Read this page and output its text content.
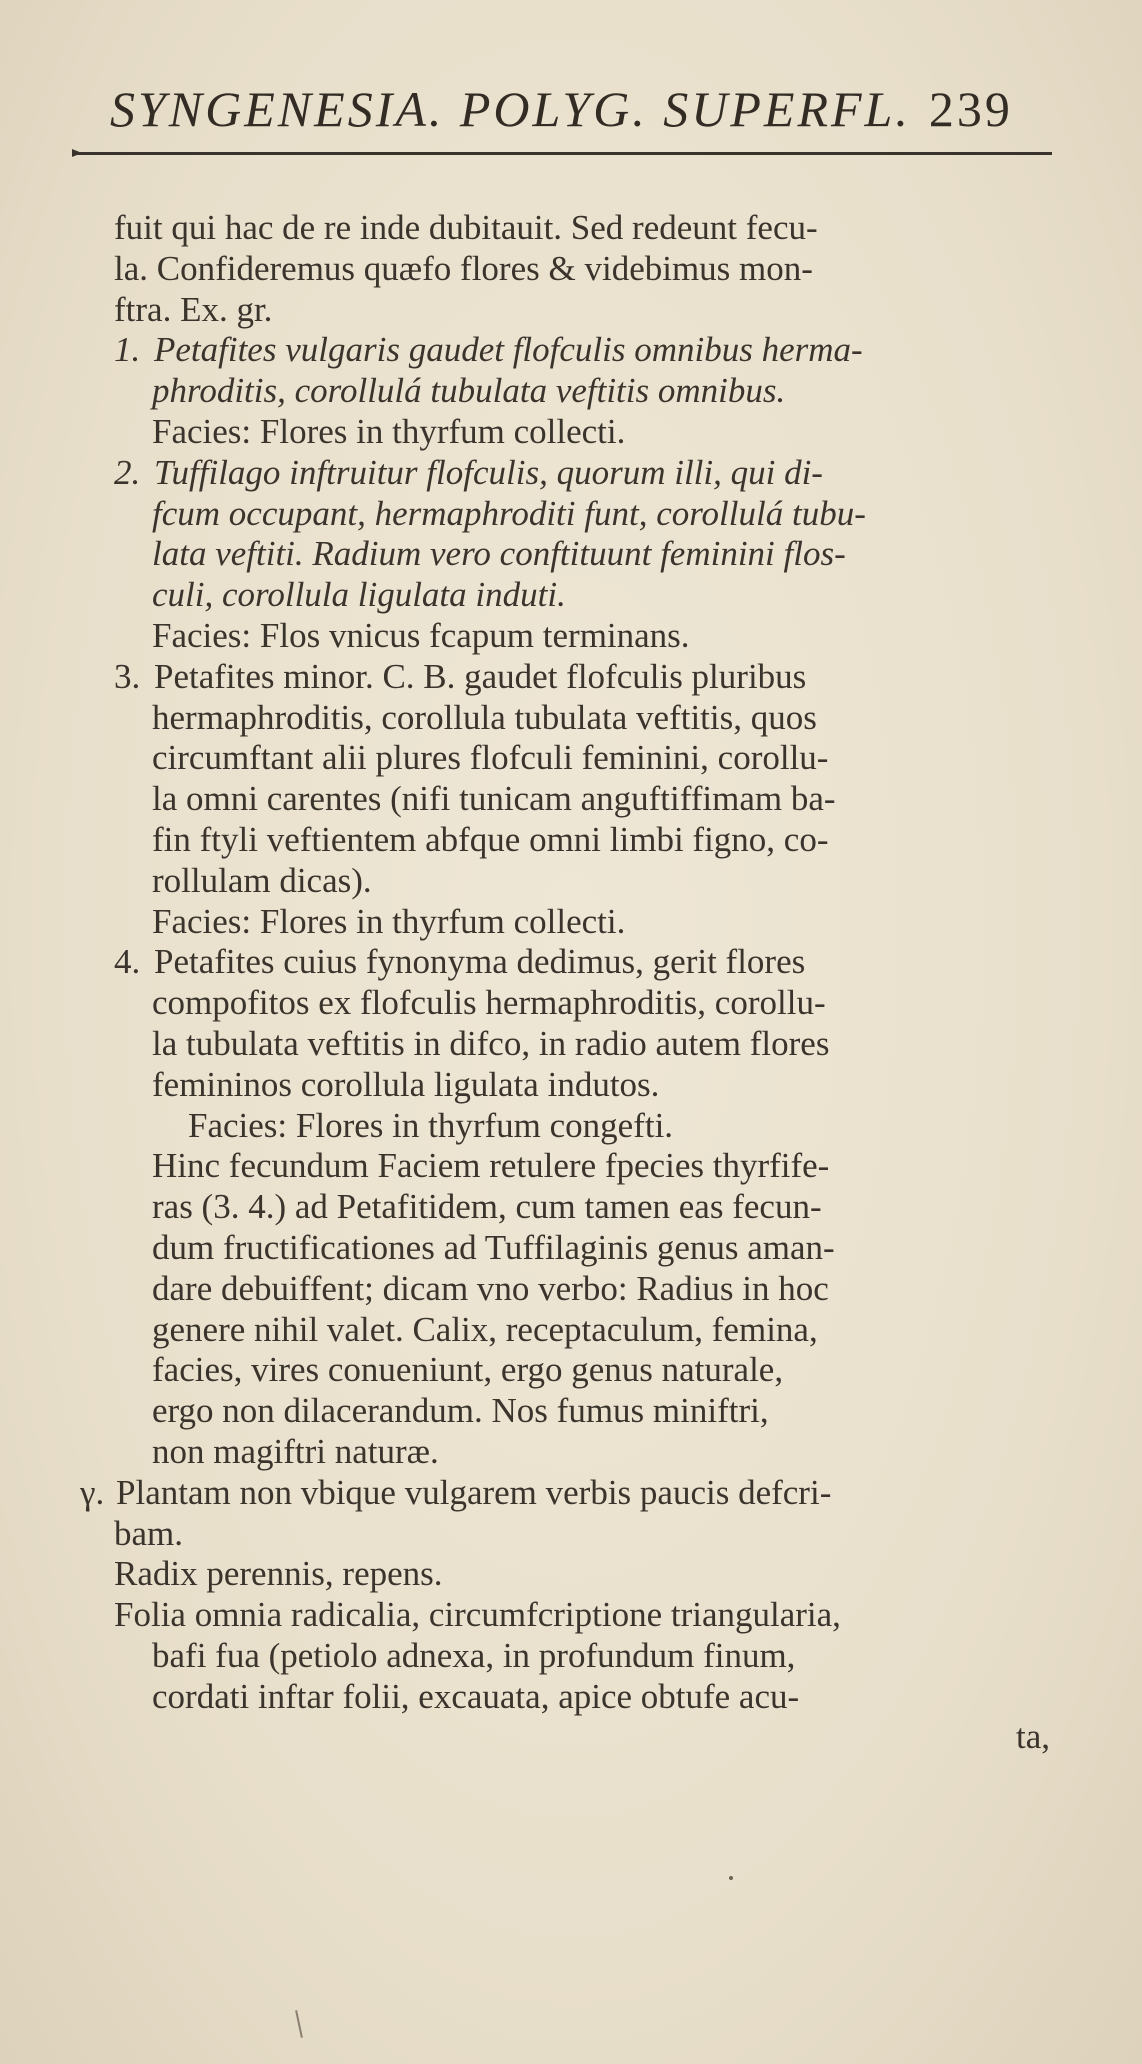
SYNGENESIA. POLYG. SUPERFL. 239
fuit qui hac de re inde dubitauit. Sed redeunt fecu-
la. Confideremus quæfo flores & videbimus mon-
ftra. Ex. gr.
1. Petafites vulgaris gaudet flofculis omnibus herma-
phroditis, corollulá tubulata veftitis omnibus.
Facies: Flores in thyrfum collecti.
2. Tuffilago inftruitur flofculis, quorum illi, qui di-
fcum occupant, hermaphroditi funt, corollulá tubu-
lata veftiti. Radium vero conftituunt feminini flos-
culi, corollula ligulata induti.
Facies: Flos vnicus fcapum terminans.
3. Petafites minor. C. B. gaudet flofculis pluribus
hermaphroditis, corollula tubulata veftitis, quos
circumftant alii plures flofculi feminini, corollu-
la omni carentes (nifi tunicam anguftiffimam ba-
fin ftyli veftientem abfque omni limbi figno, co-
rollulam dicas).
Facies: Flores in thyrfum collecti.
4. Petafites cuius fynonyma dedimus, gerit flores
compofitos ex flofculis hermaphroditis, corollu-
la tubulata veftitis in difco, in radio autem flores
femininos corollula ligulata indutos.
Facies: Flores in thyrfum congefti.
Hinc fecundum Faciem retulere fpecies thyrfife-
ras (3. 4.) ad Petafitidem, cum tamen eas fecun-
dum fructificationes ad Tuffilaginis genus aman-
dare debuiffent; dicam vno verbo: Radius in hoc
genere nihil valet. Calix, receptaculum, femina,
facies, vires conueniunt, ergo genus naturale,
ergo non dilacerandum. Nos fumus miniftri,
non magiftri naturæ.
γ. Plantam non vbique vulgarem verbis paucis defcri-
bam.
Radix perennis, repens.
Folia omnia radicalia, circumfcriptione triangularia,
bafi fua (petiolo adnexa, in profundum finum,
cordati inftar folii, excauata, apice obtufe acu-
ta,
